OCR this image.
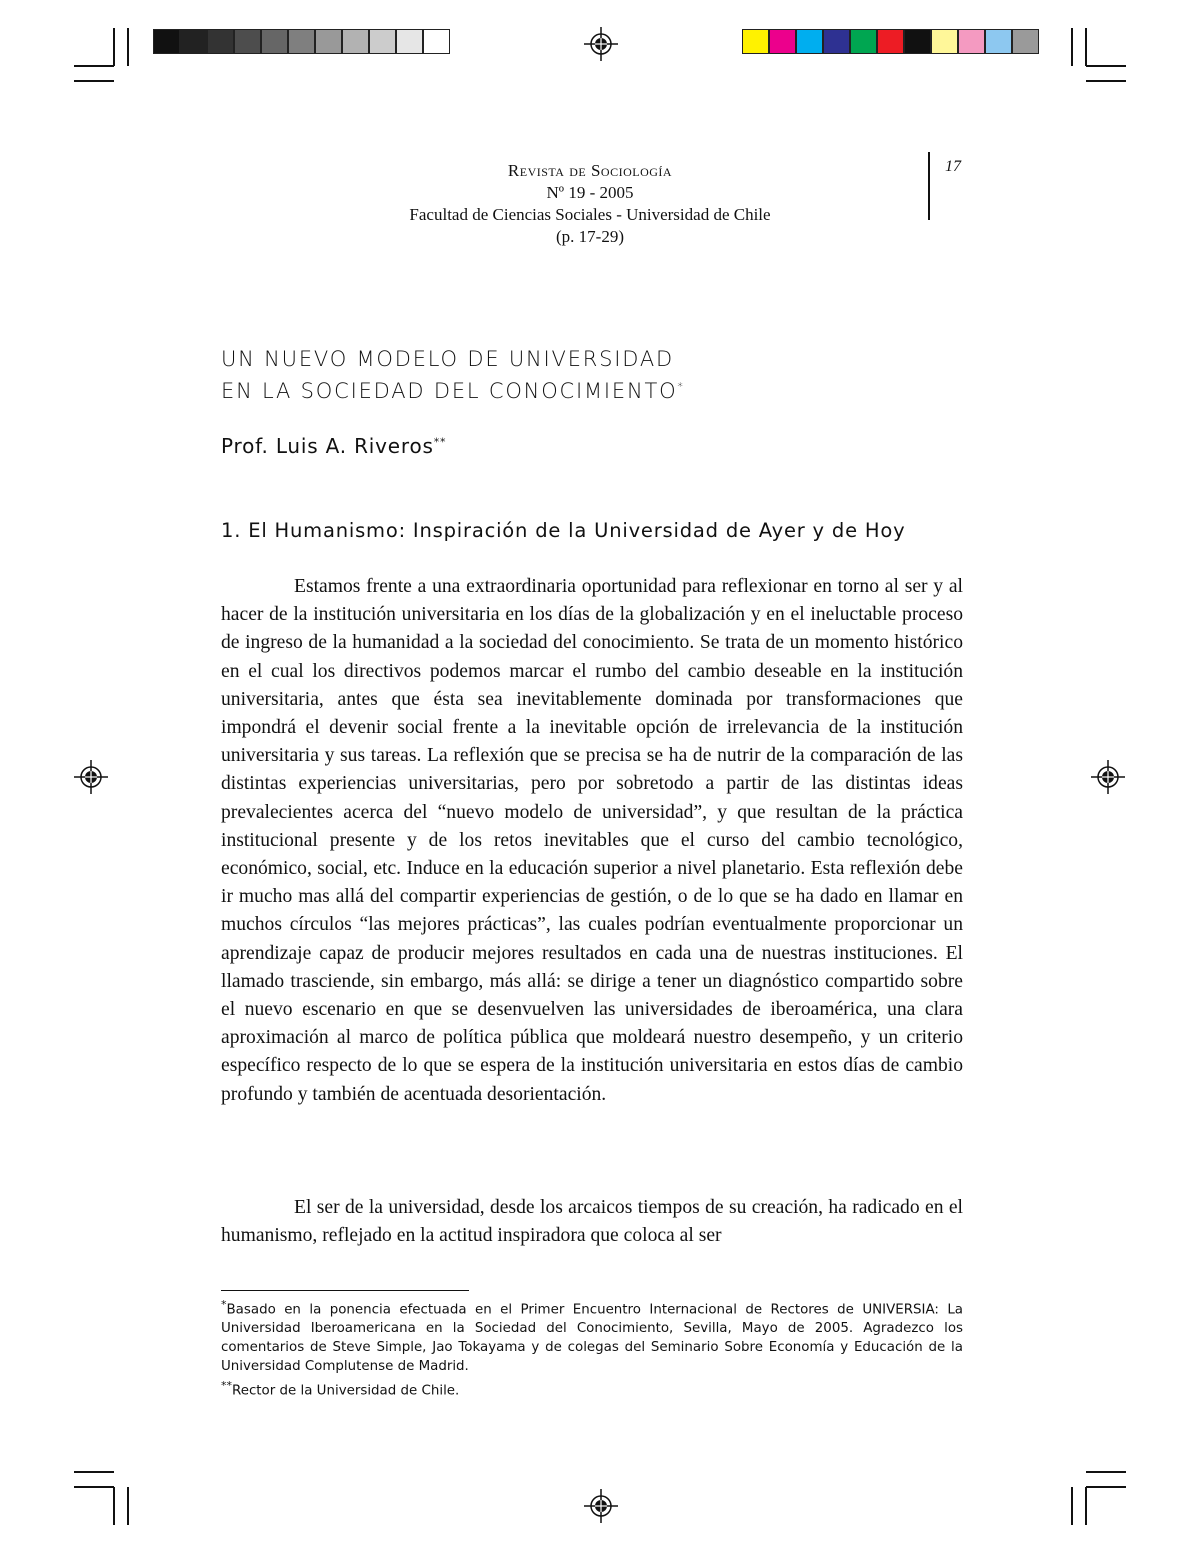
Revista de Sociología
Nº 19 - 2005
Facultad de Ciencias Sociales - Universidad de Chile
(p. 17-29)
17
UN NUEVO MODELO DE UNIVERSIDAD
EN LA SOCIEDAD DEL CONOCIMIENTO*
Prof. Luis A. Riveros**
1. El Humanismo: Inspiración de la Universidad de Ayer y de Hoy

Estamos frente a una extraordinaria oportunidad para reflexionar en torno al ser y al hacer de la institución universitaria en los días de la globalización y en el ineluctable proceso de ingreso de la humanidad a la sociedad del conocimiento. Se trata de un momento histórico en el cual los directivos podemos marcar el rumbo del cambio deseable en la institución universitaria, antes que ésta sea inevitablemente dominada por transformaciones que impondrá el devenir social frente a la inevitable opción de irrelevancia de la institución universitaria y sus tareas. La reflexión que se precisa se ha de nutrir de la comparación de las distintas experiencias universitarias, pero por sobretodo a partir de las distintas ideas prevalecientes acerca del “nuevo modelo de universidad”, y que resultan de la práctica institucional presente y de los retos inevitables que el curso del cambio tecnológico, económico, social, etc. Induce en la educación superior a nivel planetario. Esta reflexión debe ir mucho mas allá del compartir experiencias de gestión, o de lo que se ha dado en llamar en muchos círculos “las mejores prácticas”, las cuales podrían eventualmente proporcionar un aprendizaje capaz de producir mejores resultados en cada una de nuestras instituciones. El llamado trasciende, sin embargo, más allá: se dirige a tener un diagnóstico compartido sobre el nuevo escenario en que se desenvuelven las universidades de iberoamérica, una clara aproximación al marco de política pública que moldeará nuestro desempeño, y un criterio específico respecto de lo que se espera de la institución universitaria en estos días de cambio profundo y también de acentuada desorientación.

El ser de la universidad, desde los arcaicos tiempos de su creación, ha radicado en el humanismo, reflejado en la actitud inspiradora que coloca al ser

*Basado en la ponencia efectuada en el Primer Encuentro Internacional de Rectores de UNIVERSIA: La Universidad Iberoamericana en la Sociedad del Conocimiento, Sevilla, Mayo de 2005. Agradezco los comentarios de Steve Simple, Jao Tokayama y de colegas del Seminario Sobre Economía y Educación de la Universidad Complutense de Madrid.

**Rector de la Universidad de Chile.
